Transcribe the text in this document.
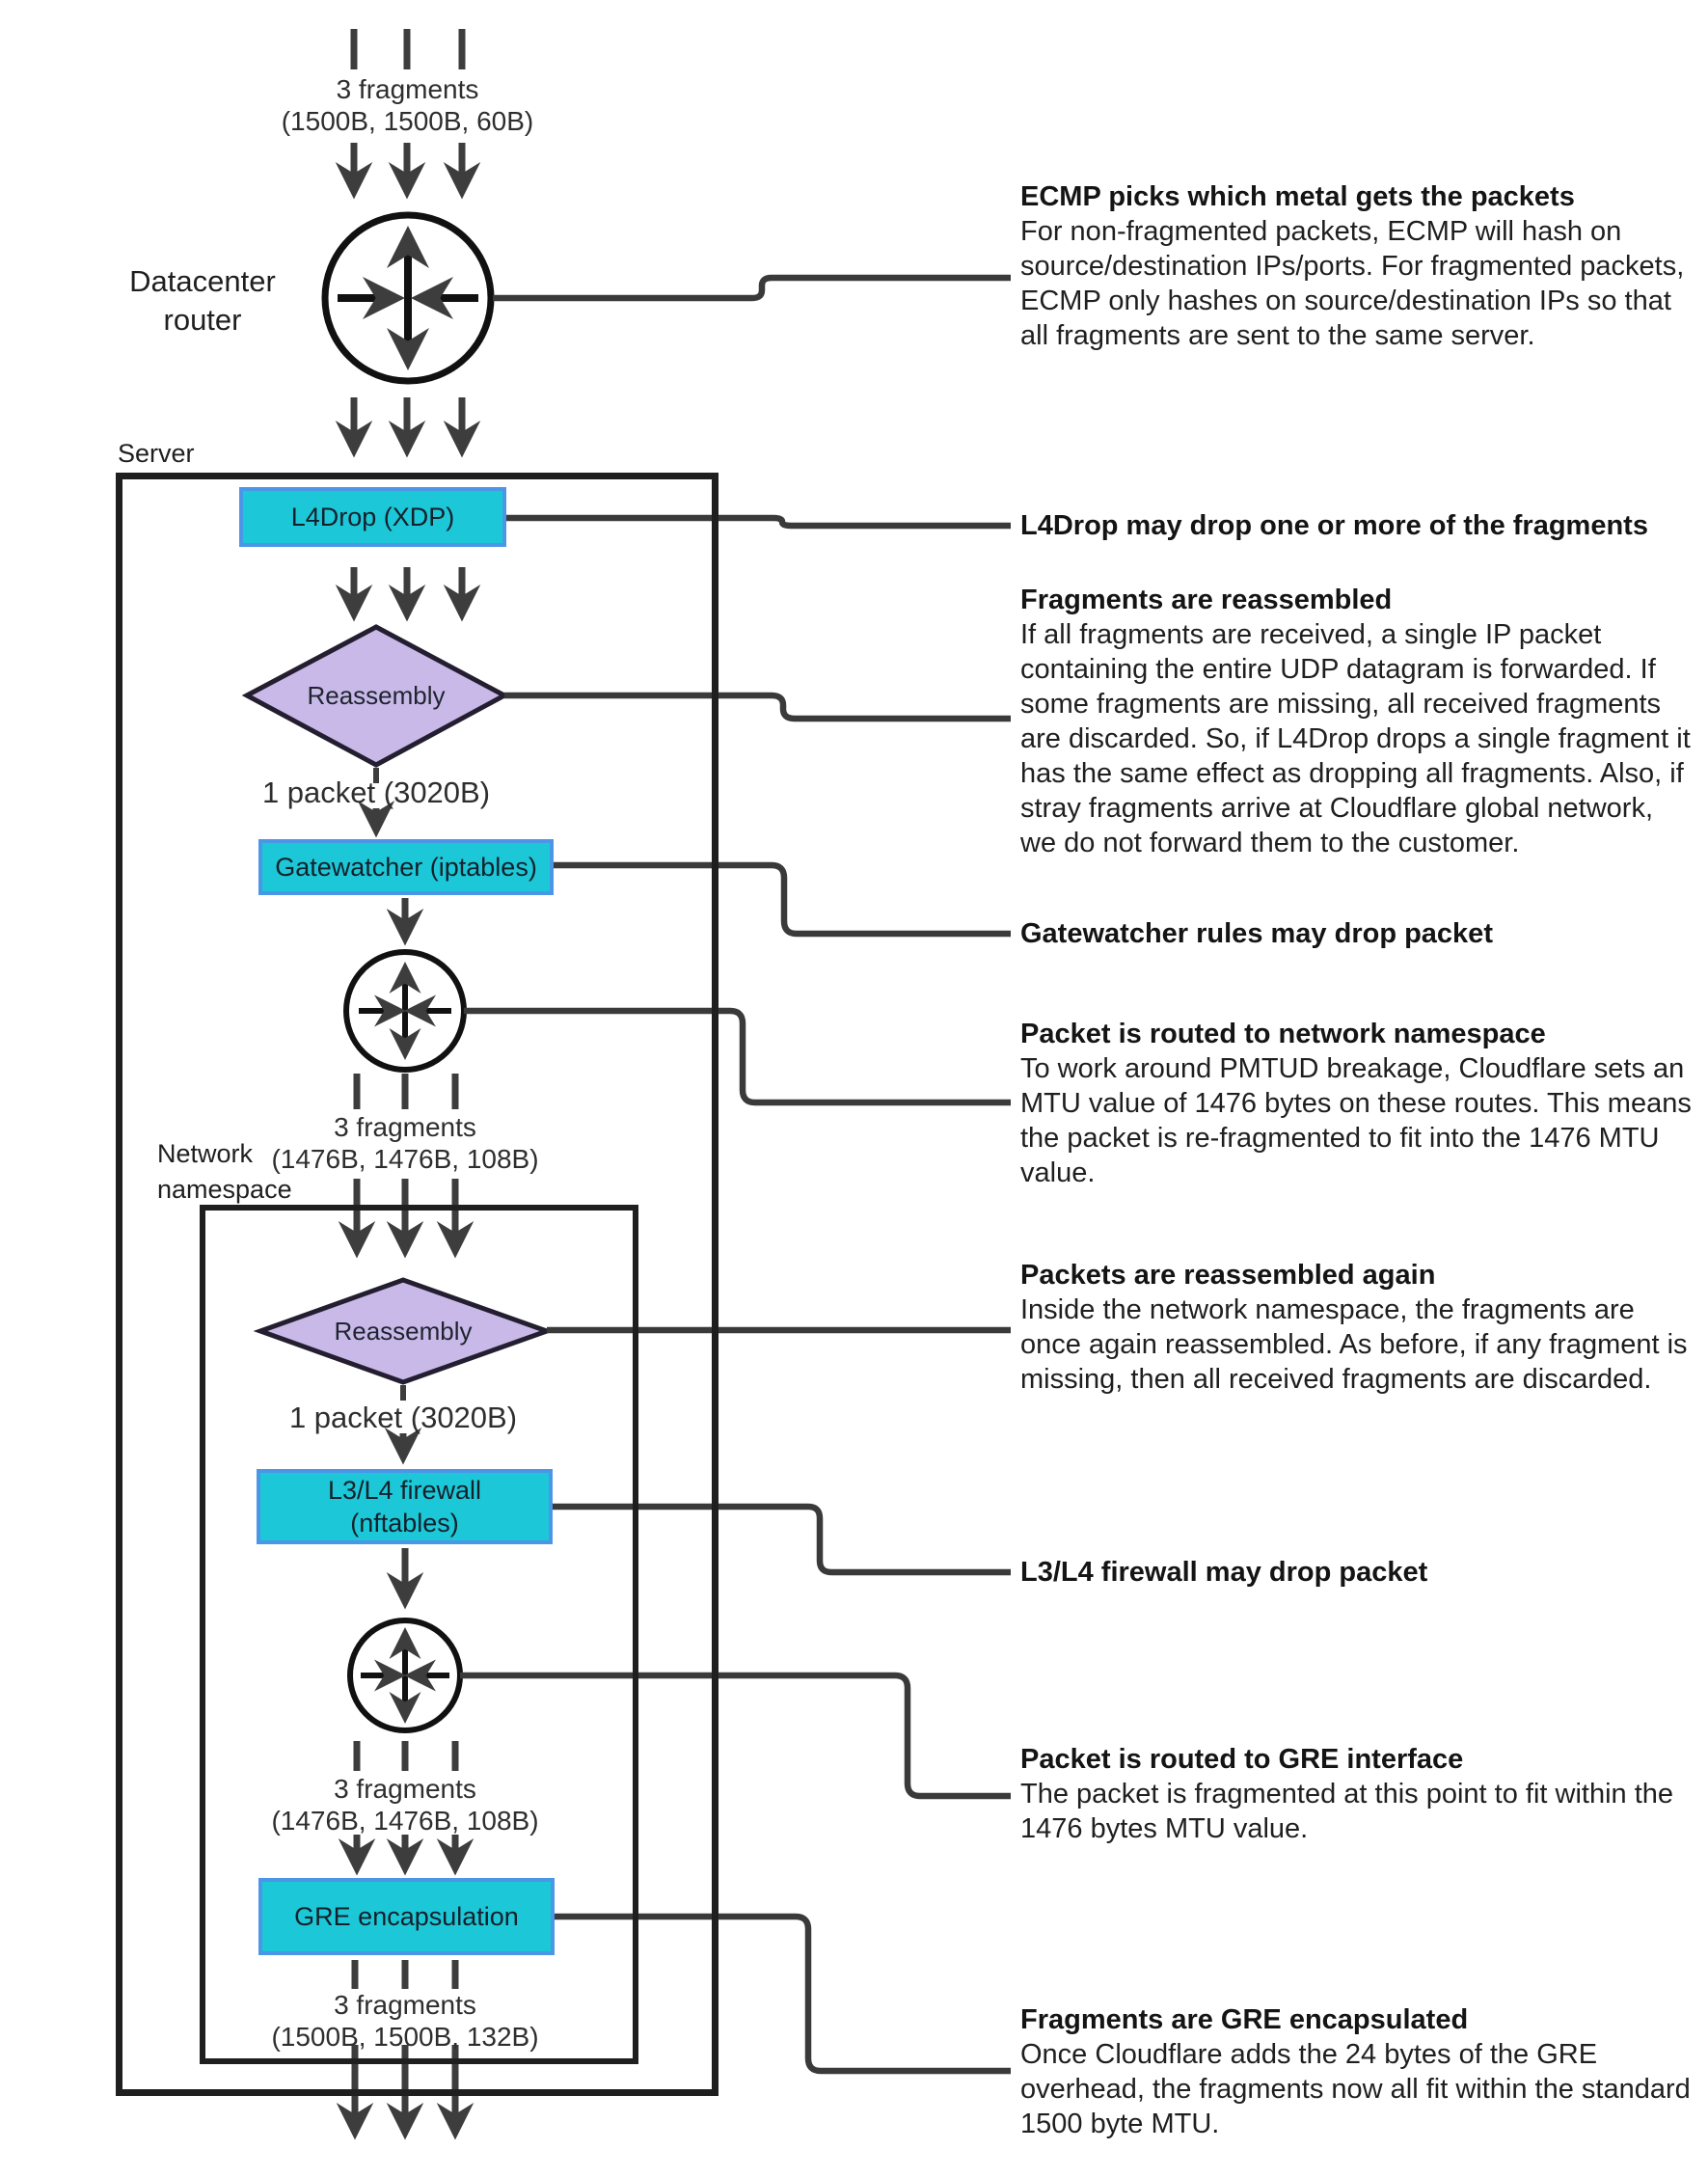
Datacenter router
Server
Network namespace
3 fragments
(1500B, 1500B, 60B)
L4Drop (XDP)
Reassembly
1 packet (3020B)
Gatewatcher (iptables)
3 fragments
(1476B, 1476B, 108B)
Reassembly
1 packet (3020B)
L3/L4 firewall
(nftables)
3 fragments
(1476B, 1476B, 108B)
GRE encapsulation
3 fragments
(1500B, 1500B, 132B)
ECMP picks which metal gets the packets

For non-fragmented packets, ECMP will hash on source/destination IPs/ports. For fragmented packets, ECMP only hashes on source/destination IPs so that all fragments are sent to the same server.

L4Drop may drop one or more of the fragments
Fragments are reassembled

If all fragments are received, a single IP packet containing the entire UDP datagram is forwarded. If some fragments are missing, all received fragments are discarded. So, if L4Drop drops a single fragment it has the same effect as dropping all fragments. Also, if stray fragments arrive at Cloudflare global network, we do not forward them to the customer.

Gatewatcher rules may drop packet
Packet is routed to network namespace

To work around PMTUD breakage, Cloudflare sets an MTU value of 1476 bytes on these routes. This means the packet is re-fragmented to fit into the 1476 MTU value.

Packets are reassembled again

Inside the network namespace, the fragments are once again reassembled. As before, if any fragment is missing, then all received fragments are discarded.

L3/L4 firewall may drop packet
Packet is routed to GRE interface

The packet is fragmented at this point to fit within the 1476 bytes MTU value.

Fragments are GRE encapsulated

Once Cloudflare adds the 24 bytes of the GRE overhead, the fragments now all fit within the standard 1500 byte MTU.
